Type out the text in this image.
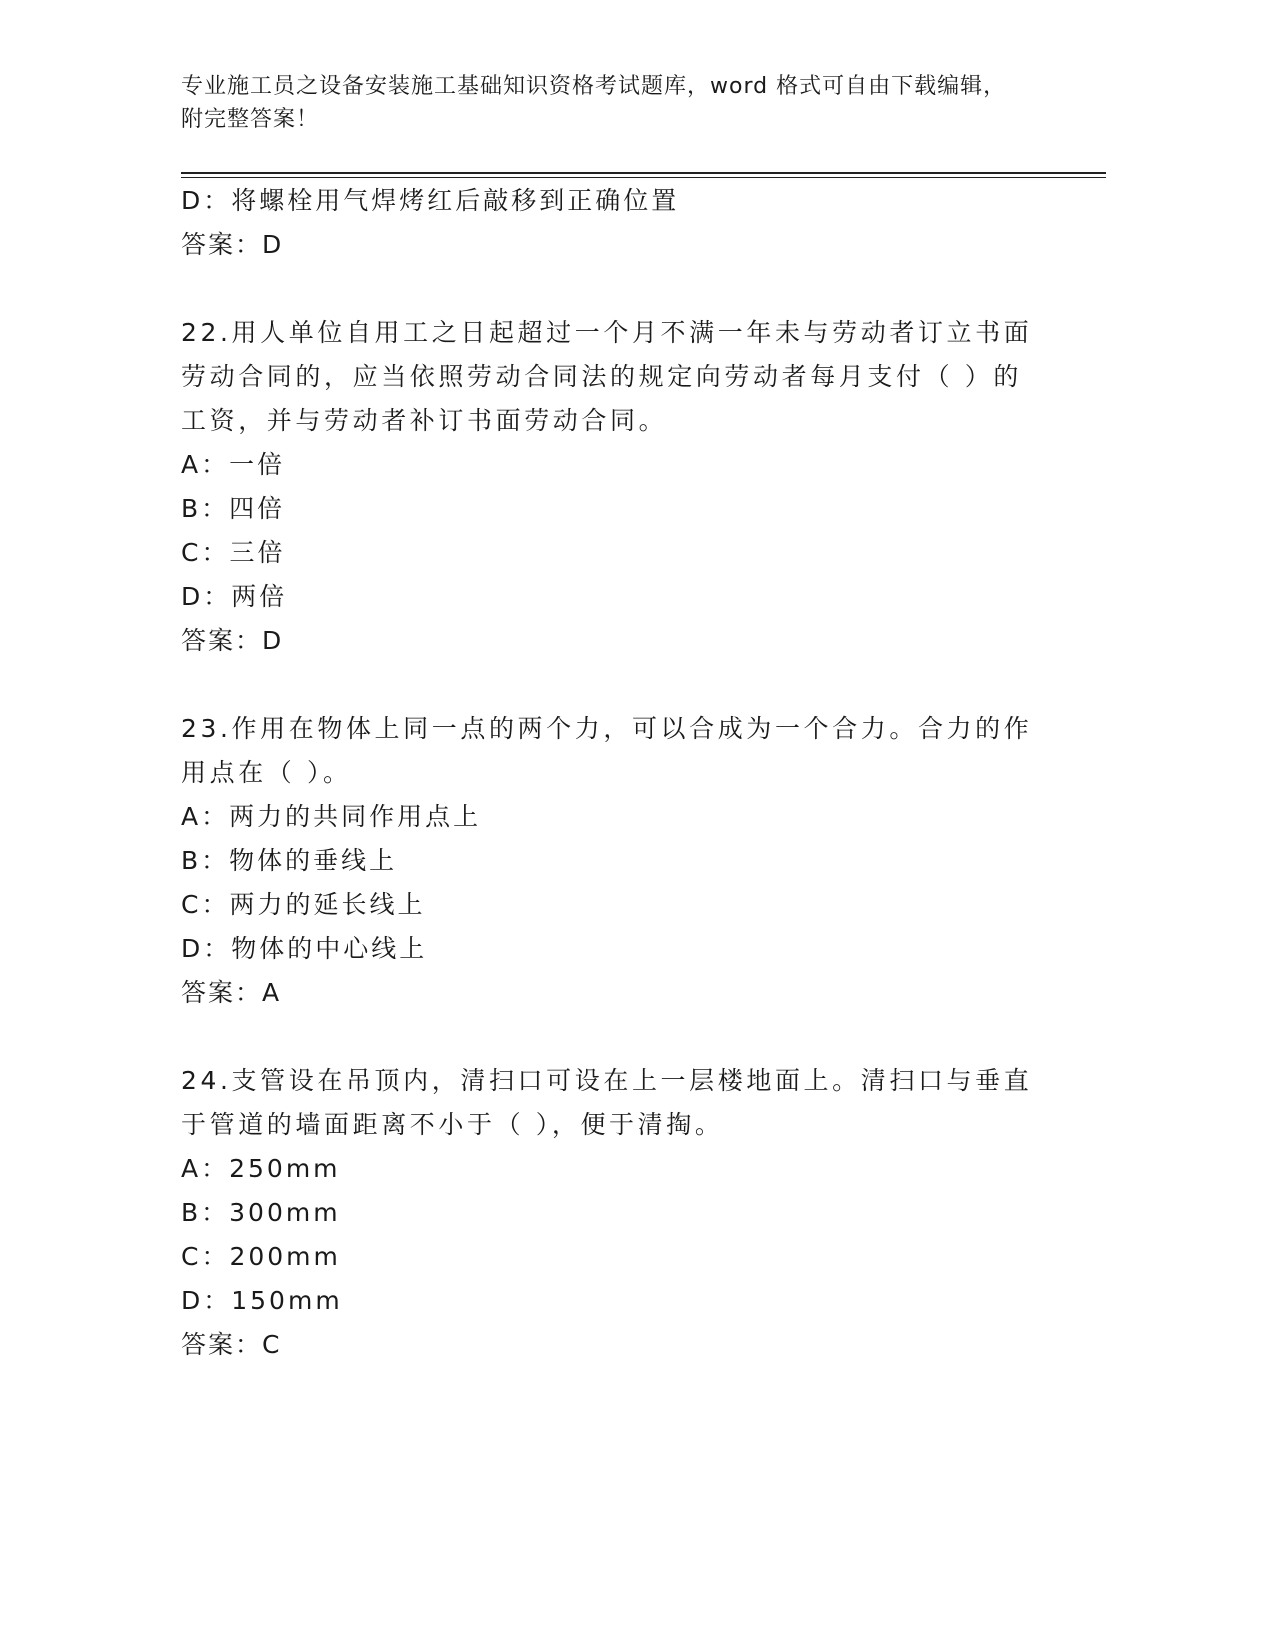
专业施工员之设备安装施工基础知识资格考试题库，word 格式可自由下载编辑，
附完整答案！
D：将螺栓用气焊烤红后敲移到正确位置
答案：D
22.用人单位自用工之日起超过一个月不满一年未与劳动者订立书面劳动合同的，应当依照劳动合同法的规定向劳动者每月支付（ ）的工资，并与劳动者补订书面劳动合同。
A：一倍
B：四倍
C：三倍
D：两倍
答案：D
23.作用在物体上同一点的两个力，可以合成为一个合力。合力的作用点在（ ）。
A：两力的共同作用点上
B：物体的垂线上
C：两力的延长线上
D：物体的中心线上
答案：A
24.支管设在吊顶内，清扫口可设在上一层楼地面上。清扫口与垂直于管道的墙面距离不小于（ ），便于清掏。
A：250mm
B：300mm
C：200mm
D：150mm
答案：C
